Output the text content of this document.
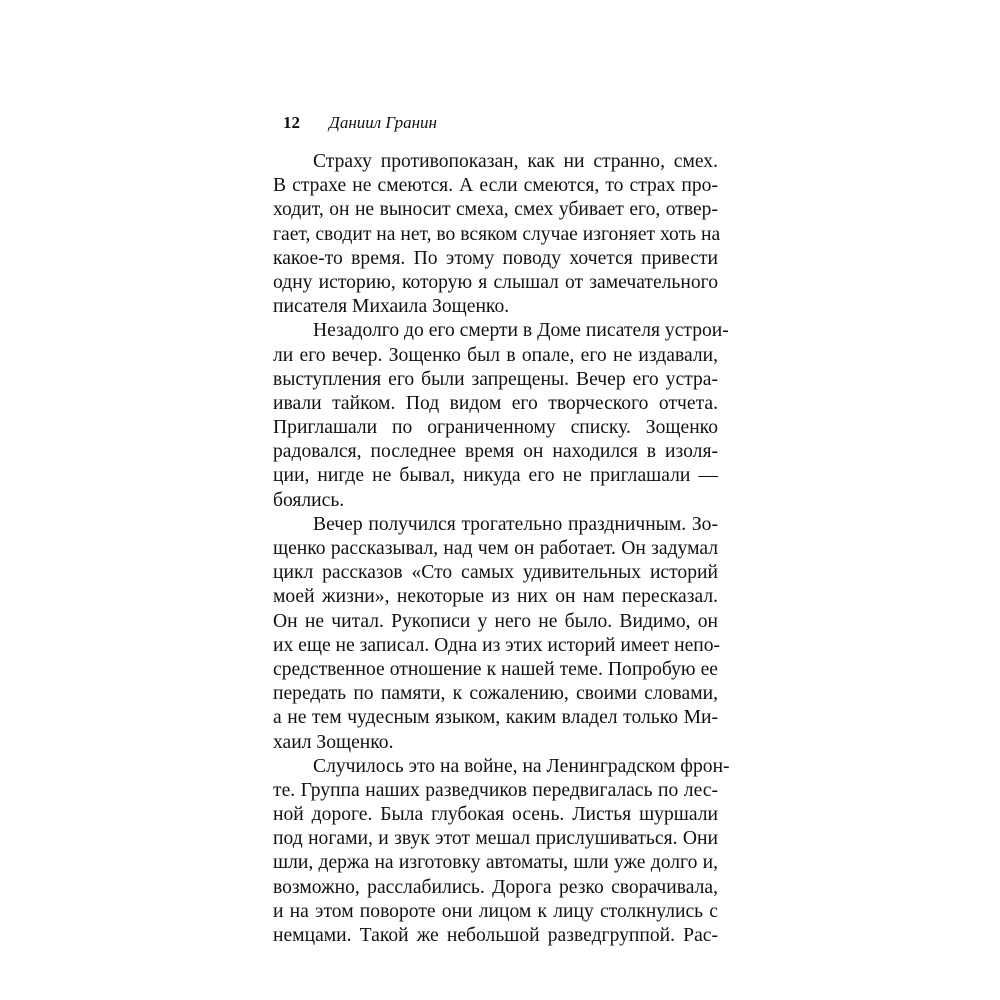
12 Даниил Гранин
Страху противопоказан, как ни странно, смех.
В страхе не смеются. А если смеются, то страх про-
ходит, он не выносит смеха, смех убивает его, отвер-
гает, сводит на нет, во всяком случае изгоняет хоть на
какое-то время. По этому поводу хочется привести
одну историю, которую я слышал от замечательного
писателя Михаила Зощенко.
Незадолго до его смерти в Доме писателя устрои-
ли его вечер. Зощенко был в опале, его не издавали,
выступления его были запрещены. Вечер его устра-
ивали тайком. Под видом его творческого отчета.
Приглашали по ограниченному списку. Зощенко
радовался, последнее время он находился в изоля-
ции, нигде не бывал, никуда его не приглашали —
боялись.
Вечер получился трогательно праздничным. Зо-
щенко рассказывал, над чем он работает. Он задумал
цикл рассказов «Сто самых удивительных историй
моей жизни», некоторые из них он нам пересказал.
Он не читал. Рукописи у него не было. Видимо, он
их еще не записал. Одна из этих историй имеет непо-
средственное отношение к нашей теме. Попробую ее
передать по памяти, к сожалению, своими словами,
а не тем чудесным языком, каким владел только Ми-
хаил Зощенко.
Случилось это на войне, на Ленинградском фрон-
те. Группа наших разведчиков передвигалась по лес-
ной дороге. Была глубокая осень. Листья шуршали
под ногами, и звук этот мешал прислушиваться. Они
шли, держа на изготовку автоматы, шли уже долго и,
возможно, расслабились. Дорога резко сворачивала,
и на этом повороте они лицом к лицу столкнулись с
немцами. Такой же небольшой разведгруппой. Рас-
